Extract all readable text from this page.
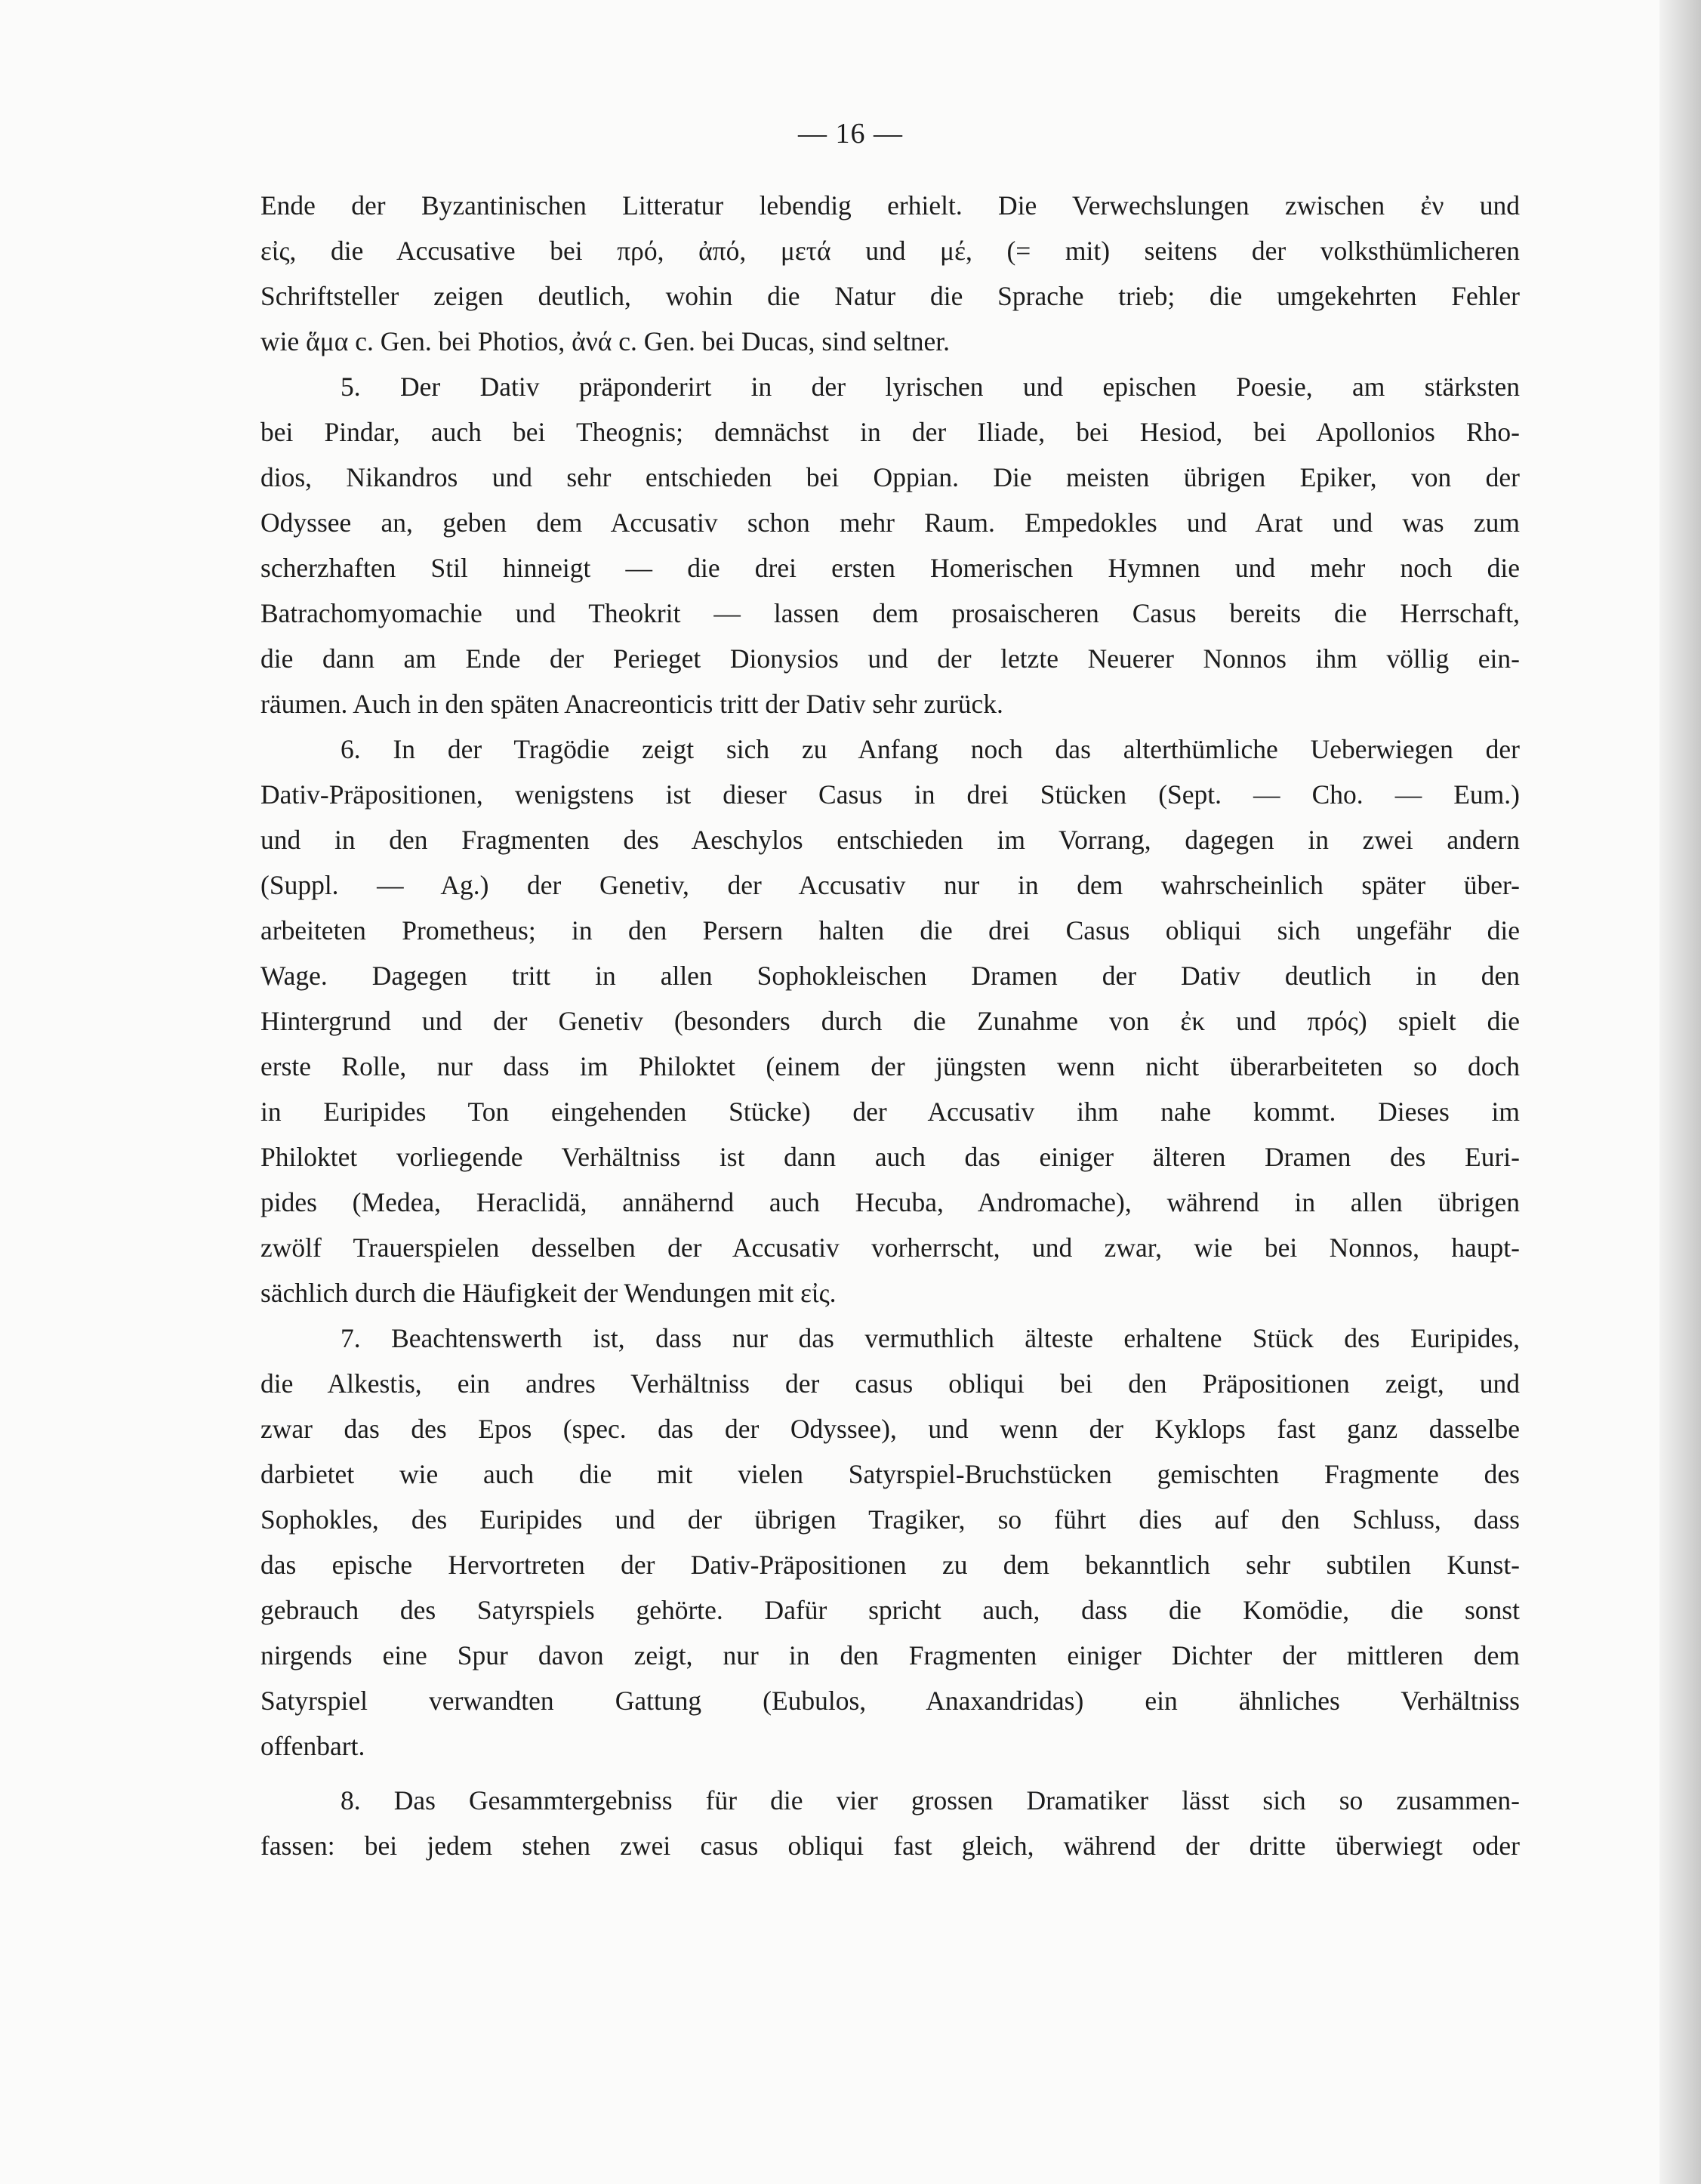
— 16 —
Ende der Byzantinischen Litteratur lebendig erhielt. Die Verwechslungen zwischen ἐν und
εἰς, die Accusative bei πρό, ἀπό, μετά und μέ, (= mit) seitens der volksthümlicheren
Schriftsteller zeigen deutlich, wohin die Natur die Sprache trieb; die umgekehrten Fehler
wie ἅμα c. Gen. bei Photios, ἀνά c. Gen. bei Ducas, sind seltner.
5. Der Dativ präponderirt in der lyrischen und epischen Poesie, am stärksten
bei Pindar, auch bei Theognis; demnächst in der Iliade, bei Hesiod, bei Apollonios Rho-
dios, Nikandros und sehr entschieden bei Oppian. Die meisten übrigen Epiker, von der
Odyssee an, geben dem Accusativ schon mehr Raum. Empedokles und Arat und was zum
scherzhaften Stil hinneigt — die drei ersten Homerischen Hymnen und mehr noch die
Batrachomyomachie und Theokrit — lassen dem prosaischeren Casus bereits die Herrschaft,
die dann am Ende der Perieget Dionysios und der letzte Neuerer Nonnos ihm völlig ein-
räumen. Auch in den späten Anacreonticis tritt der Dativ sehr zurück.
6. In der Tragödie zeigt sich zu Anfang noch das alterthümliche Ueberwiegen der
Dativ-Präpositionen, wenigstens ist dieser Casus in drei Stücken (Sept. — Cho. — Eum.)
und in den Fragmenten des Aeschylos entschieden im Vorrang, dagegen in zwei andern
(Suppl. — Ag.) der Genetiv, der Accusativ nur in dem wahrscheinlich später über-
arbeiteten Prometheus; in den Persern halten die drei Casus obliqui sich ungefähr die
Wage. Dagegen tritt in allen Sophokleischen Dramen der Dativ deutlich in den
Hintergrund und der Genetiv (besonders durch die Zunahme von ἐκ und πρός) spielt die
erste Rolle, nur dass im Philoktet (einem der jüngsten wenn nicht überarbeiteten so doch
in Euripides Ton eingehenden Stücke) der Accusativ ihm nahe kommt. Dieses im
Philoktet vorliegende Verhältniss ist dann auch das einiger älteren Dramen des Euri-
pides (Medea, Heraclidä, annähernd auch Hecuba, Andromache), während in allen übrigen
zwölf Trauerspielen desselben der Accusativ vorherrscht, und zwar, wie bei Nonnos, haupt-
sächlich durch die Häufigkeit der Wendungen mit εἰς.
7. Beachtenswerth ist, dass nur das vermuthlich älteste erhaltene Stück des Euripides,
die Alkestis, ein andres Verhältniss der casus obliqui bei den Präpositionen zeigt, und
zwar das des Epos (spec. das der Odyssee), und wenn der Kyklops fast ganz dasselbe
darbietet wie auch die mit vielen Satyrspiel-Bruchstücken gemischten Fragmente des
Sophokles, des Euripides und der übrigen Tragiker, so führt dies auf den Schluss, dass
das epische Hervortreten der Dativ-Präpositionen zu dem bekanntlich sehr subtilen Kunst-
gebrauch des Satyrspiels gehörte. Dafür spricht auch, dass die Komödie, die sonst
nirgends eine Spur davon zeigt, nur in den Fragmenten einiger Dichter der mittleren dem
Satyrspiel verwandten Gattung (Eubulos, Anaxandridas) ein ähnliches Verhältniss
offenbart.
8. Das Gesammtergebniss für die vier grossen Dramatiker lässt sich so zusammen-
fassen: bei jedem stehen zwei casus obliqui fast gleich, während der dritte überwiegt oder
